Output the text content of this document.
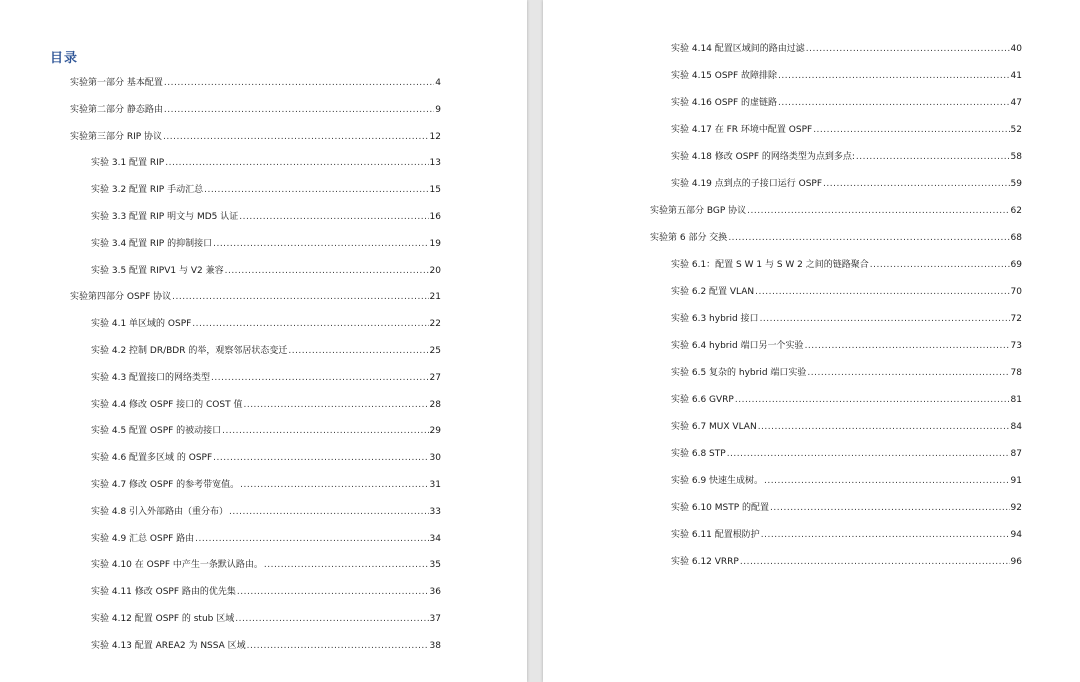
目录
实验第一部分 基本配置 .....	4
实验第二部分 静态路由 .....	9
实验第三部分 RIP 协议 .....	12
实验 3.1 配置 RIP .....	13
实验 3.2 配置 RIP 手动汇总 .....	15
实验 3.3 配置 RIP 明文与 MD5 认证 .....	16
实验 3.4 配置 RIP 的抑制接口 .....	19
实验 3.5 配置 RIPV1 与 V2 兼容 .....	20
实验第四部分 OSPF 协议 .....	21
实验 4.1 单区域的 OSPF .....	22
实验 4.2 控制 DR/BDR 的举，观察邻居状态变迁 .....	25
实验 4.3 配置接口的网络类型 .....	27
实验 4.4 修改 OSPF 接口的 COST 值 .....	28
实验 4.5 配置 OSPF 的被动接口 .....	29
实验 4.6 配置多区域 的 OSPF .....	30
实验 4.7 修改 OSPF 的参考带宽值。 .....	31
实验 4.8 引入外部路由（重分布） .....	33
实验 4.9 汇总 OSPF 路由 .....	34
实验 4.10 在 OSPF 中产生一条默认路由。 .....	35
实验 4.11 修改 OSPF 路由的优先集 .....	36
实验 4.12 配置 OSPF 的 stub 区域 .....	37
实验 4.13 配置 AREA2 为 NSSA 区域 .....	38
实验 4.14 配置区域间的路由过滤 .....	40
实验 4.15 OSPF 故障排除 .....	41
实验 4.16 OSPF 的虚链路 .....	47
实验 4.17 在 FR 环境中配置 OSPF .....	52
实验 4.18 修改 OSPF 的网络类型为点到多点: .....	58
实验 4.19 点到点的子接口运行 OSPF .....	59
实验第五部分 BGP 协议 .....	62
实验第 6 部分 交换 .....	68
实验 6.1：配置 S W 1 与 S W 2 之间的链路聚合 .....	69
实验 6.2 配置 VLAN .....	70
实验 6.3 hybrid 接口 .....	72
实验 6.4 hybrid 端口另一个实验 .....	73
实验 6.5 复杂的 hybrid 端口实验 .....	78
实验 6.6 GVRP .....	81
实验 6.7 MUX VLAN .....	84
实验 6.8 STP .....	87
实验 6.9 快速生成树。 .....	91
实验 6.10 MSTP 的配置 .....	92
实验 6.11 配置根防护 .....	94
实验 6.12 VRRP .....	96
